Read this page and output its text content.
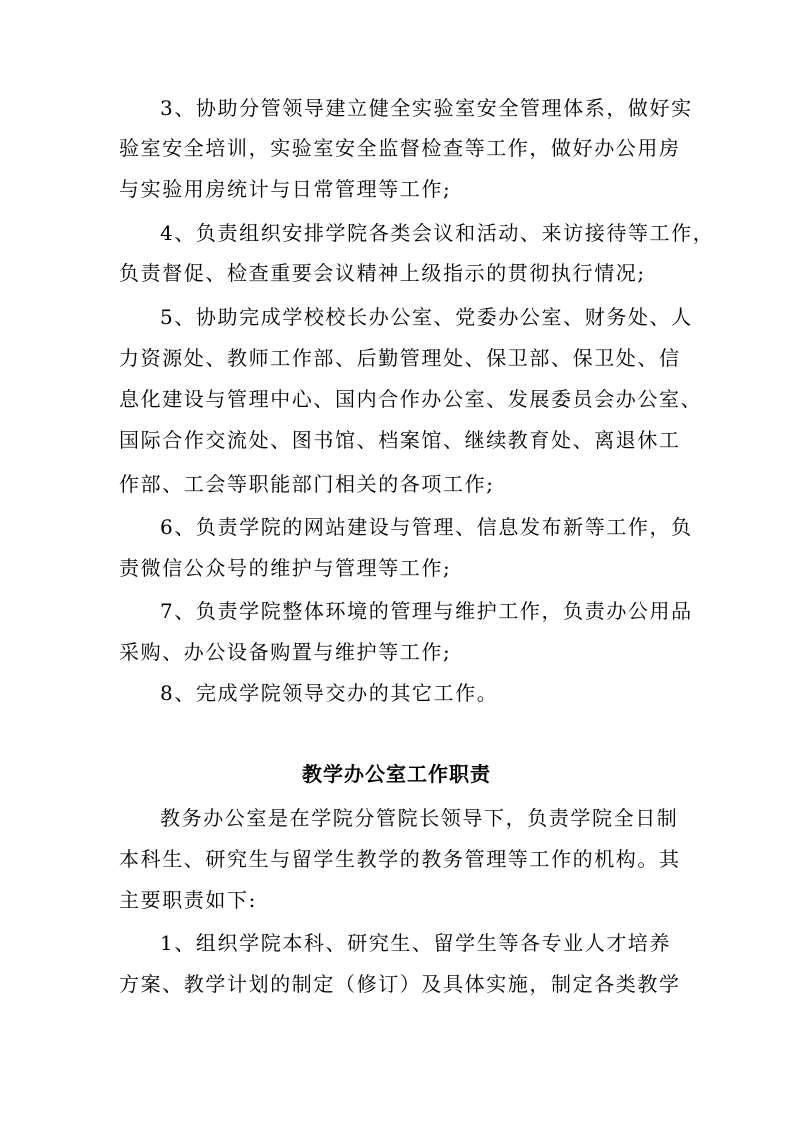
3、协助分管领导建立健全实验室安全管理体系，做好实
验室安全培训，实验室安全监督检查等工作，做好办公用房
与实验用房统计与日常管理等工作;
4、负责组织安排学院各类会议和活动、来访接待等工作，
负责督促、检查重要会议精神上级指示的贯彻执行情况;
5、协助完成学校校长办公室、党委办公室、财务处、人
力资源处、教师工作部、后勤管理处、保卫部、保卫处、信
息化建设与管理中心、国内合作办公室、发展委员会办公室、
国际合作交流处、图书馆、档案馆、继续教育处、离退休工
作部、工会等职能部门相关的各项工作;
6、负责学院的网站建设与管理、信息发布新等工作，负
责微信公众号的维护与管理等工作;
7、负责学院整体环境的管理与维护工作，负责办公用品
采购、办公设备购置与维护等工作;
8、完成学院领导交办的其它工作。
教学办公室工作职责
教务办公室是在学院分管院长领导下，负责学院全日制
本科生、研究生与留学生教学的教务管理等工作的机构。其
主要职责如下:
1、组织学院本科、研究生、留学生等各专业人才培养
方案、教学计划的制定（修订）及具体实施，制定各类教学
